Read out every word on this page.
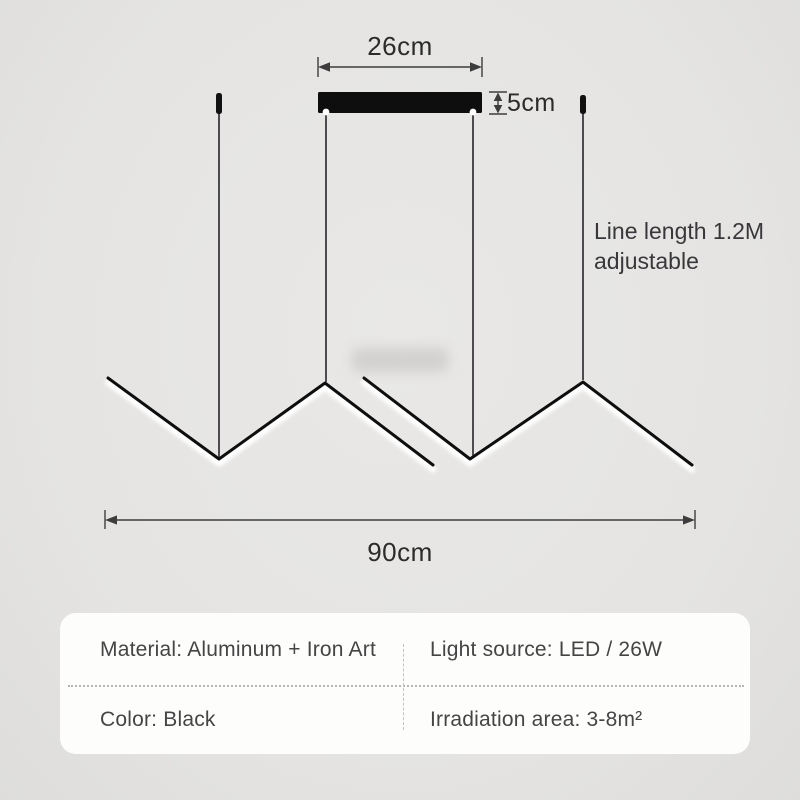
26cm
5cm
90cm
Line length 1.2M
adjustable
Material: Aluminum + Iron Art	Light source: LED / 26W
Color: Black	Irradiation area: 3-8m²
